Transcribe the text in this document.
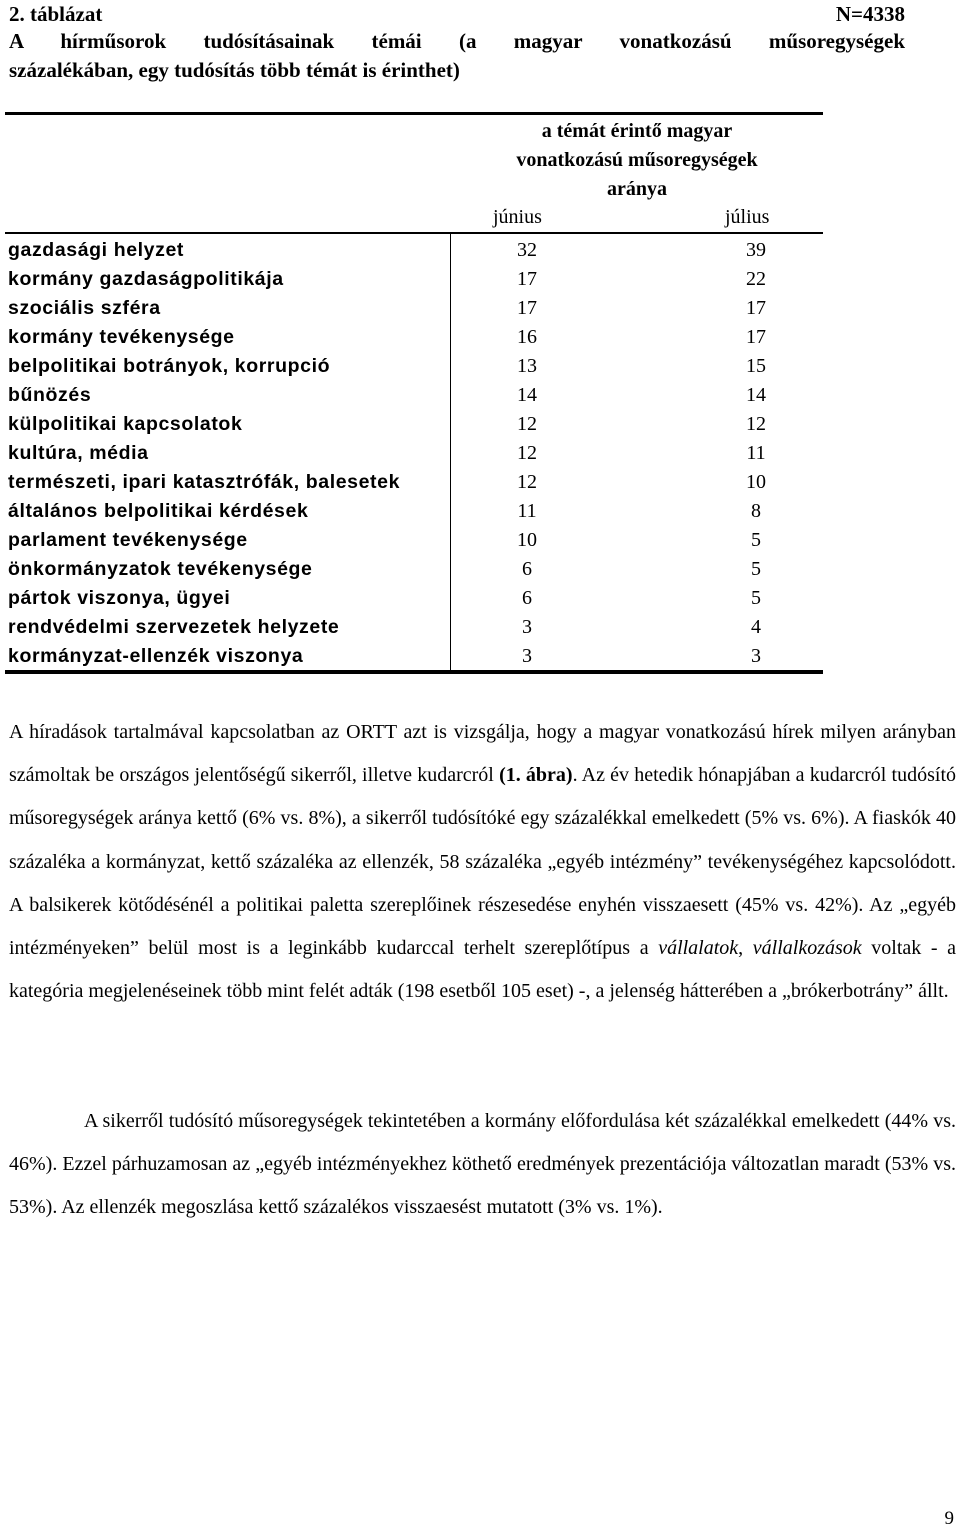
2. táblázat	N=4338
A hírműsorok tudósításainak témái (a magyar vonatkozású műsoregységek
százalékában, egy tudósítás több témát is érinthet)
a témát érintő magyar
vonatkozású műsoregységek
aránya
június	július
gazdasági helyzet	32	39
kormány gazdaságpolitikája	17	22
szociális szféra	17	17
kormány tevékenysége	16	17
belpolitikai botrányok, korrupció	13	15
bűnözés	14	14
külpolitikai kapcsolatok	12	12
kultúra, média	12	11
természeti, ipari katasztrófák, balesetek	12	10
általános belpolitikai kérdések	11	8
parlament tevékenysége	10	5
önkormányzatok tevékenysége	6	5
pártok viszonya, ügyei	6	5
rendvédelmi szervezetek helyzete	3	4
kormányzat-ellenzék viszonya	3	3

A híradások tartalmával kapcsolatban az ORTT azt is vizsgálja, hogy a magyar vonatkozású hírek milyen arányban számoltak be országos jelentőségű sikerről, illetve kudarcról (1. ábra). Az év hetedik hónapjában a kudarcról tudósító műsoregységek aránya kettő (6% vs. 8%), a sikerről tudósítóké egy százalékkal emelkedett (5% vs. 6%). A fiaskók 40 százaléka a kormányzat, kettő százaléka az ellenzék, 58 százaléka „egyéb intézmény” tevékenységéhez kapcsolódott. A balsikerek kötődésénél a politikai paletta szereplőinek részesedése enyhén visszaesett (45% vs. 42%). Az „egyéb intézményeken” belül most is a leginkább kudarccal terhelt szereplőtípus a vállalatok, vállalkozások voltak - a kategória megjelenéseinek több mint felét adták (198 esetből 105 eset) -, a jelenség hátterében a „brókerbotrány” állt.

A sikerről tudósító műsoregységek tekintetében a kormány előfordulása két százalékkal emelkedett (44% vs. 46%). Ezzel párhuzamosan az „egyéb intézményekhez köthető eredmények prezentációja változatlan maradt (53% vs. 53%). Az ellenzék megoszlása kettő százalékos visszaesést mutatott (3% vs. 1%).

9
